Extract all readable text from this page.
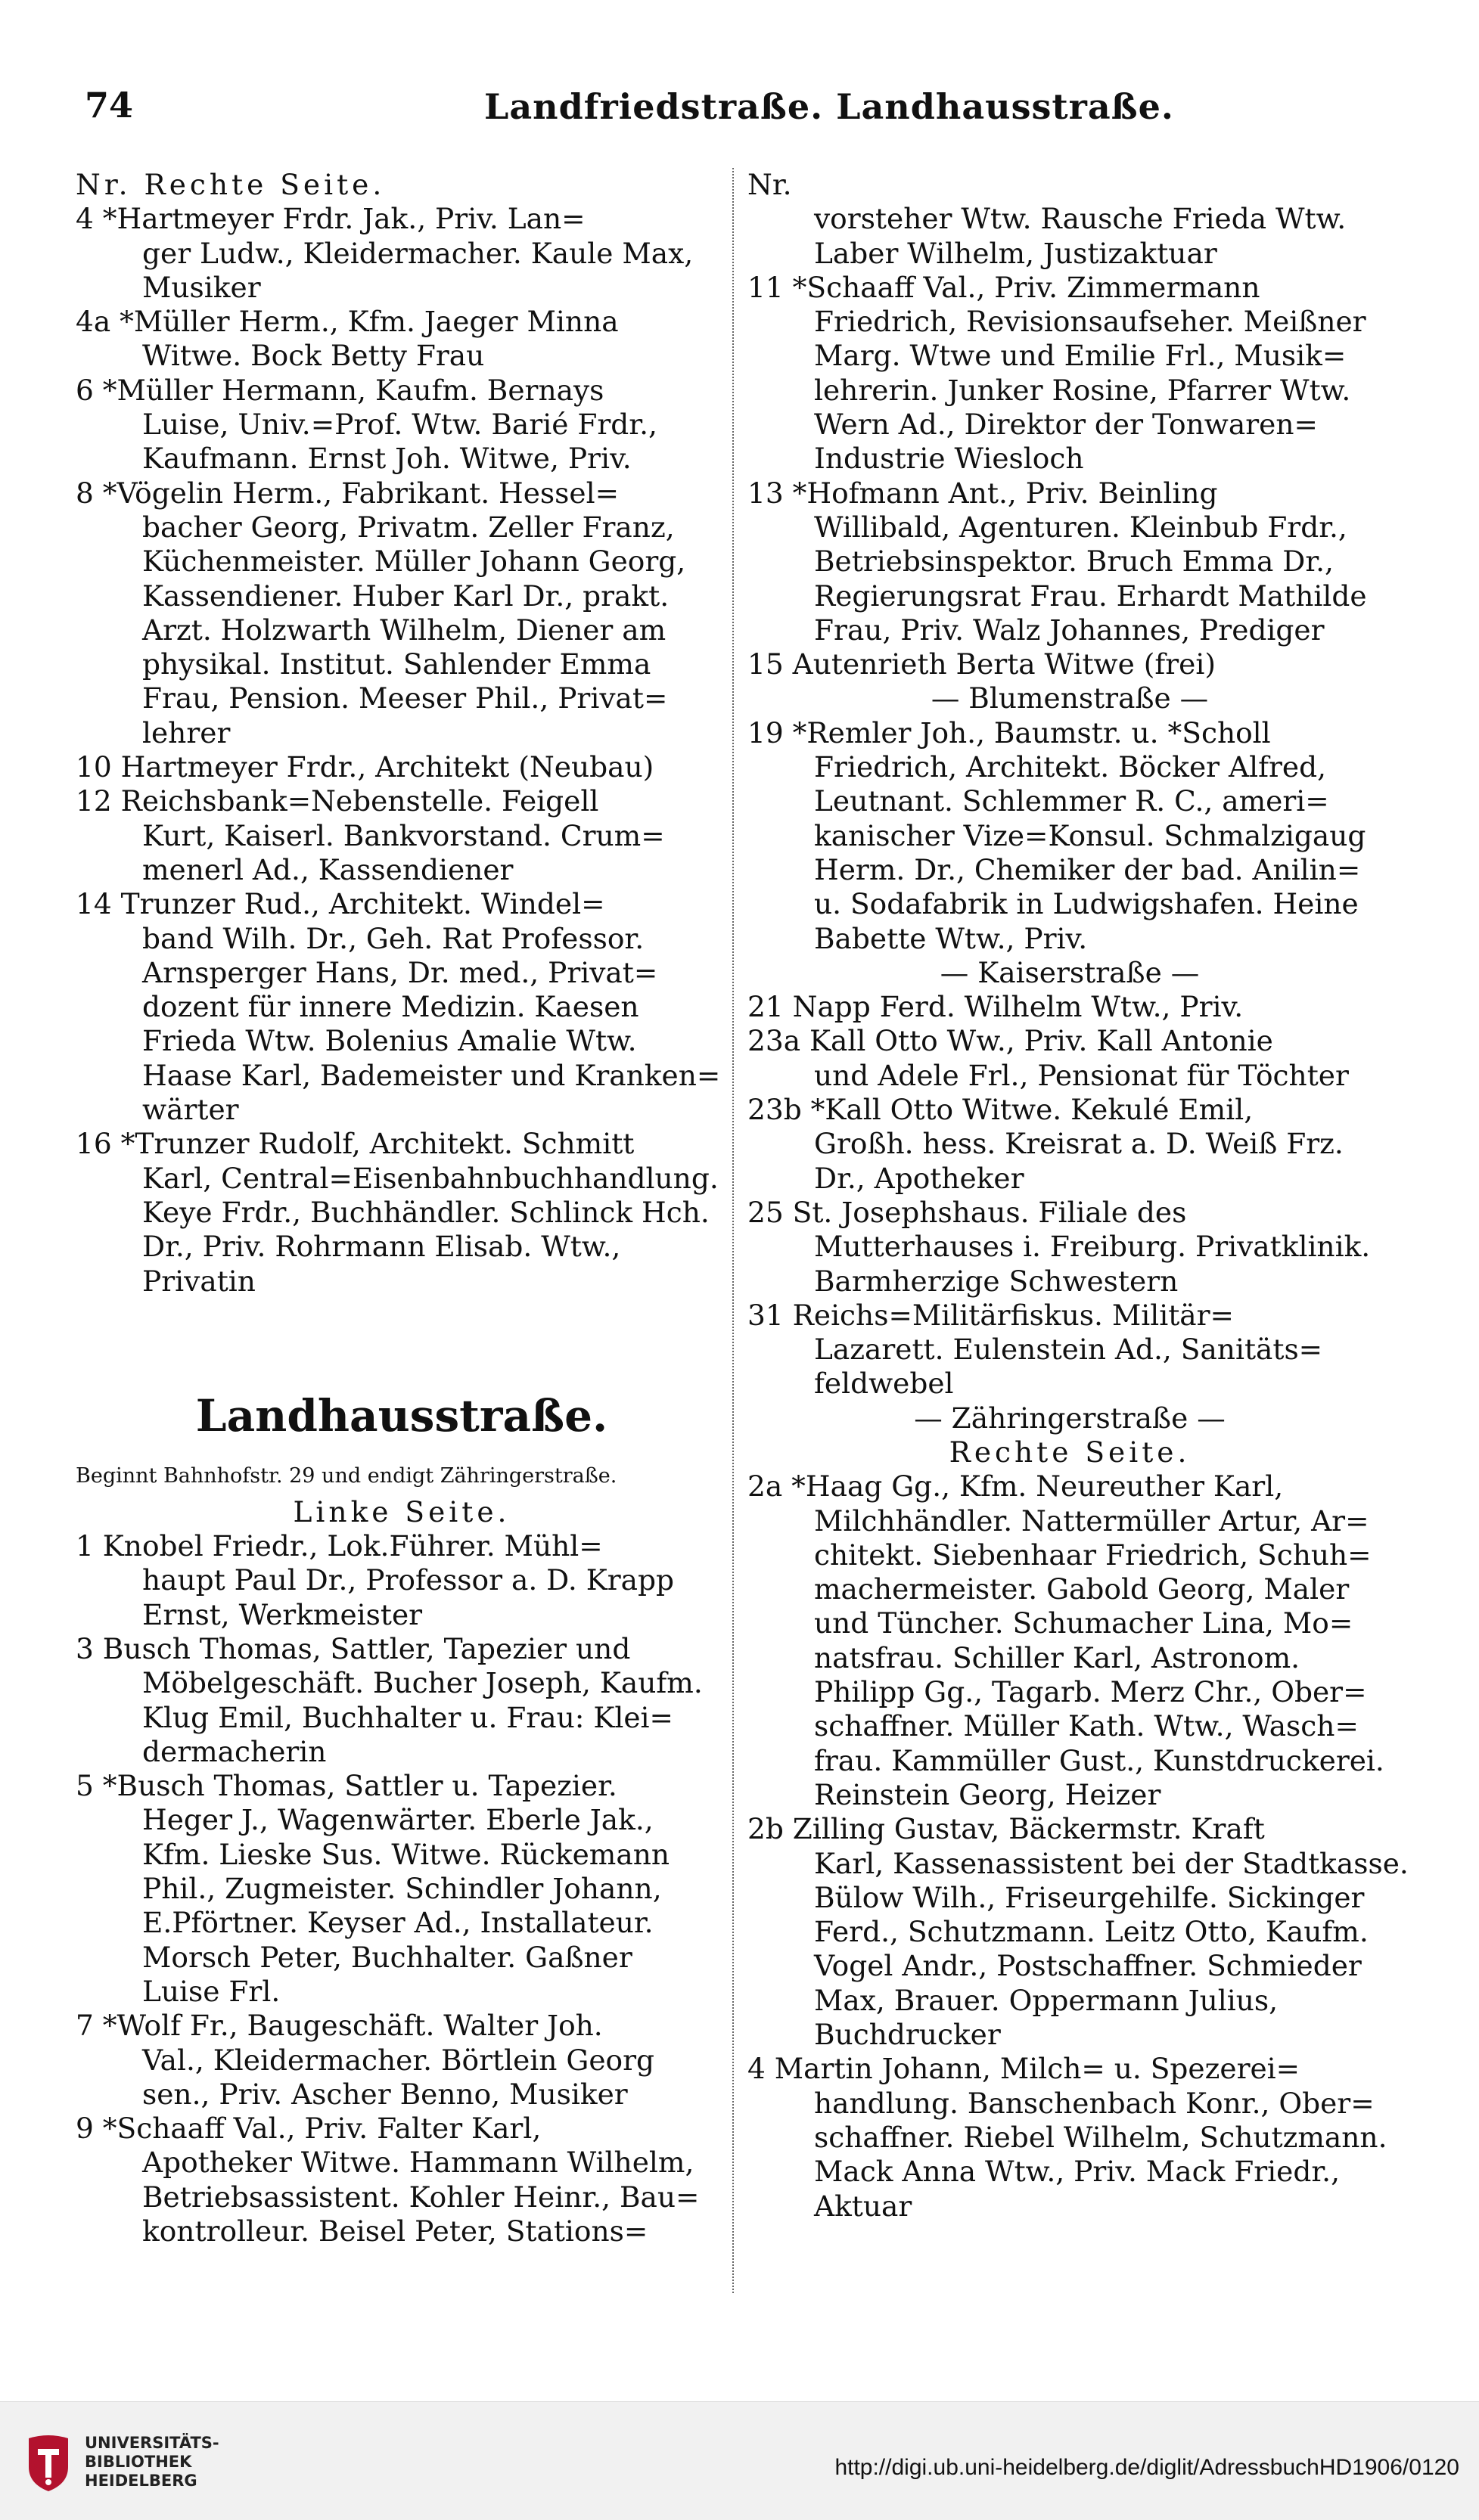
74	Landfriedstraße. Landhausstraße.
Nr. Rechte Seite.
4 *Hartmeyer Frdr. Jak., Priv. Lan=
ger Ludw., Kleidermacher. Kaule Max,
Musiker
4a *Müller Herm., Kfm. Jaeger Minna
Witwe. Bock Betty Frau
6 *Müller Hermann, Kaufm. Bernays
Luise, Univ.=Prof. Wtw. Barié Frdr.,
Kaufmann. Ernst Joh. Witwe, Priv.
8 *Vögelin Herm., Fabrikant. Hessel=
bacher Georg, Privatm. Zeller Franz,
Küchenmeister. Müller Johann Georg,
Kassendiener. Huber Karl Dr., prakt.
Arzt. Holzwarth Wilhelm, Diener am
physikal. Institut. Sahlender Emma
Frau, Pension. Meeser Phil., Privat=
lehrer
10 Hartmeyer Frdr., Architekt (Neubau)
12 Reichsbank=Nebenstelle. Feigell
Kurt, Kaiserl. Bankvorstand. Crum=
menerl Ad., Kassendiener
14 Trunzer Rud., Architekt. Windel=
band Wilh. Dr., Geh. Rat Professor.
Arnsperger Hans, Dr. med., Privat=
dozent für innere Medizin. Kaesen
Frieda Wtw. Bolenius Amalie Wtw.
Haase Karl, Bademeister und Kranken=
wärter
16 *Trunzer Rudolf, Architekt. Schmitt
Karl, Central=Eisenbahnbuchhandlung.
Keye Frdr., Buchhändler. Schlinck Hch.
Dr., Priv. Rohrmann Elisab. Wtw.,
Privatin
Landhausstraße.
Beginnt Bahnhofstr. 29 und endigt Zähringerstraße.
Linke Seite.
1 Knobel Friedr., Lok.Führer. Mühl=
haupt Paul Dr., Professor a. D. Krapp
Ernst, Werkmeister
3 Busch Thomas, Sattler, Tapezier und
Möbelgeschäft. Bucher Joseph, Kaufm.
Klug Emil, Buchhalter u. Frau: Klei=
dermacherin
5 *Busch Thomas, Sattler u. Tapezier.
Heger J., Wagenwärter. Eberle Jak.,
Kfm. Lieske Sus. Witwe. Rückemann
Phil., Zugmeister. Schindler Johann,
E.Pförtner. Keyser Ad., Installateur.
Morsch Peter, Buchhalter. Gaßner
Luise Frl.
7 *Wolf Fr., Baugeschäft. Walter Joh.
Val., Kleidermacher. Börtlein Georg
sen., Priv. Ascher Benno, Musiker
9 *Schaaff Val., Priv. Falter Karl,
Apotheker Witwe. Hammann Wilhelm,
Betriebsassistent. Kohler Heinr., Bau=
kontrolleur. Beisel Peter, Stations=
Nr.
vorsteher Wtw. Rausche Frieda Wtw.
Laber Wilhelm, Justizaktuar
11 *Schaaff Val., Priv. Zimmermann
Friedrich, Revisionsaufseher. Meißner
Marg. Wtwe und Emilie Frl., Musik=
lehrerin. Junker Rosine, Pfarrer Wtw.
Wern Ad., Direktor der Tonwaren=
Industrie Wiesloch
13 *Hofmann Ant., Priv. Beinling
Willibald, Agenturen. Kleinbub Frdr.,
Betriebsinspektor. Bruch Emma Dr.,
Regierungsrat Frau. Erhardt Mathilde
Frau, Priv. Walz Johannes, Prediger
15 Autenrieth Berta Witwe (frei)
— Blumenstraße —
19 *Remler Joh., Baumstr. u. *Scholl
Friedrich, Architekt. Böcker Alfred,
Leutnant. Schlemmer R. C., ameri=
kanischer Vize=Konsul. Schmalzigaug
Herm. Dr., Chemiker der bad. Anilin=
u. Sodafabrik in Ludwigshafen. Heine
Babette Wtw., Priv.
— Kaiserstraße —
21 Napp Ferd. Wilhelm Wtw., Priv.
23a Kall Otto Ww., Priv. Kall Antonie
und Adele Frl., Pensionat für Töchter
23b *Kall Otto Witwe. Kekulé Emil,
Großh. hess. Kreisrat a. D. Weiß Frz.
Dr., Apotheker
25 St. Josephshaus. Filiale des
Mutterhauses i. Freiburg. Privatklinik.
Barmherzige Schwestern
31 Reichs=Militärfiskus. Militär=
Lazarett. Eulenstein Ad., Sanitäts=
feldwebel
— Zähringerstraße —
Rechte Seite.
2a *Haag Gg., Kfm. Neureuther Karl,
Milchhändler. Nattermüller Artur, Ar=
chitekt. Siebenhaar Friedrich, Schuh=
machermeister. Gabold Georg, Maler
und Tüncher. Schumacher Lina, Mo=
natsfrau. Schiller Karl, Astronom.
Philipp Gg., Tagarb. Merz Chr., Ober=
schaffner. Müller Kath. Wtw., Wasch=
frau. Kammüller Gust., Kunstdruckerei.
Reinstein Georg, Heizer
2b Zilling Gustav, Bäckermstr. Kraft
Karl, Kassenassistent bei der Stadtkasse.
Bülow Wilh., Friseurgehilfe. Sickinger
Ferd., Schutzmann. Leitz Otto, Kaufm.
Vogel Andr., Postschaffner. Schmieder
Max, Brauer. Oppermann Julius,
Buchdrucker
4 Martin Johann, Milch= u. Spezerei=
handlung. Banschenbach Konr., Ober=
schaffner. Riebel Wilhelm, Schutzmann.
Mack Anna Wtw., Priv. Mack Friedr.,
Aktuar
UNIVERSITÄTS-
BIBLIOTHEK
HEIDELBERG
http://digi.ub.uni-heidelberg.de/diglit/AdressbuchHD1906/0120
